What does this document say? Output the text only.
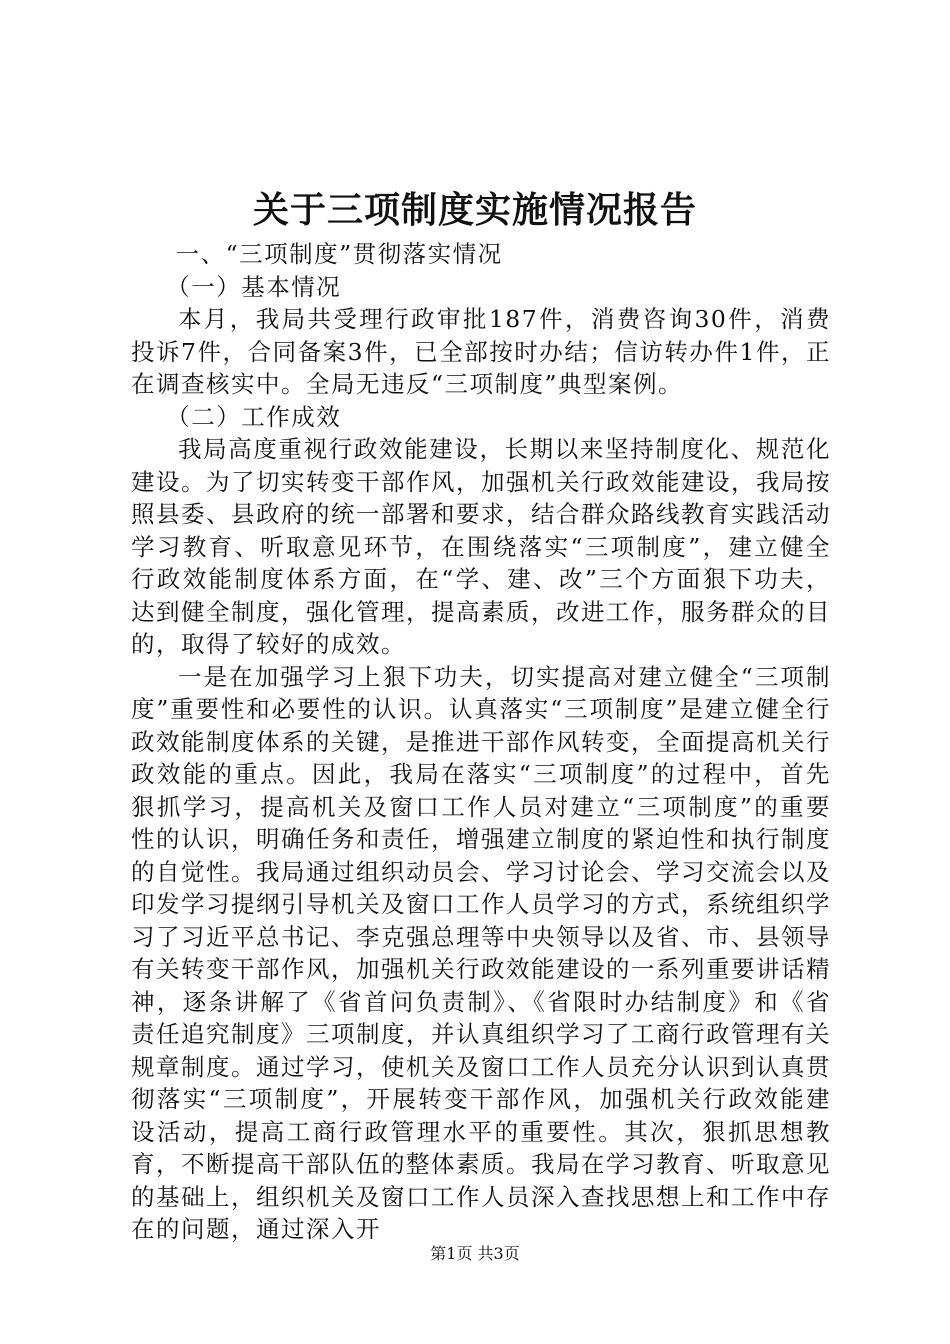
关于三项制度实施情况报告

一、“三项制度”贯彻落实情况

（一）基本情况

本月，我局共受理行政审批187件，消费咨询30件，消费投诉7件，合同备案3件，已全部按时办结；信访转办件1件，正在调查核实中。全局无违反“三项制度”典型案例。

（二）工作成效

我局高度重视行政效能建设，长期以来坚持制度化、规范化建设。为了切实转变干部作风，加强机关行政效能建设，我局按照县委、县政府的统一部署和要求，结合群众路线教育实践活动学习教育、听取意见环节，在围绕落实“三项制度”，建立健全行政效能制度体系方面，在“学、建、改”三个方面狠下功夫，达到健全制度，强化管理，提高素质，改进工作，服务群众的目的，取得了较好的成效。

一是在加强学习上狠下功夫，切实提高对建立健全“三项制度”重要性和必要性的认识。认真落实“三项制度”是建立健全行政效能制度体系的关键，是推进干部作风转变，全面提高机关行政效能的重点。因此，我局在落实“三项制度”的过程中，首先狠抓学习，提高机关及窗口工作人员对建立“三项制度”的重要性的认识，明确任务和责任，增强建立制度的紧迫性和执行制度的自觉性。我局通过组织动员会、学习讨论会、学习交流会以及印发学习提纲引导机关及窗口工作人员学习的方式，系统组织学习了习近平总书记、李克强总理等中央领导以及省、市、县领导有关转变干部作风，加强机关行政效能建设的一系列重要讲话精神，逐条讲解了《省首问负责制》、《省限时办结制度》和《省责任追究制度》三项制度，并认真组织学习了工商行政管理有关规章制度。通过学习，使机关及窗口工作人员充分认识到认真贯彻落实“三项制度”，开展转变干部作风，加强机关行政效能建设活动，提高工商行政管理水平的重要性。其次，狠抓思想教育，不断提高干部队伍的整体素质。我局在学习教育、听取意见的基础上，组织机关及窗口工作人员深入查找思想上和工作中存在的问题，通过深入开

第1页 共3页
